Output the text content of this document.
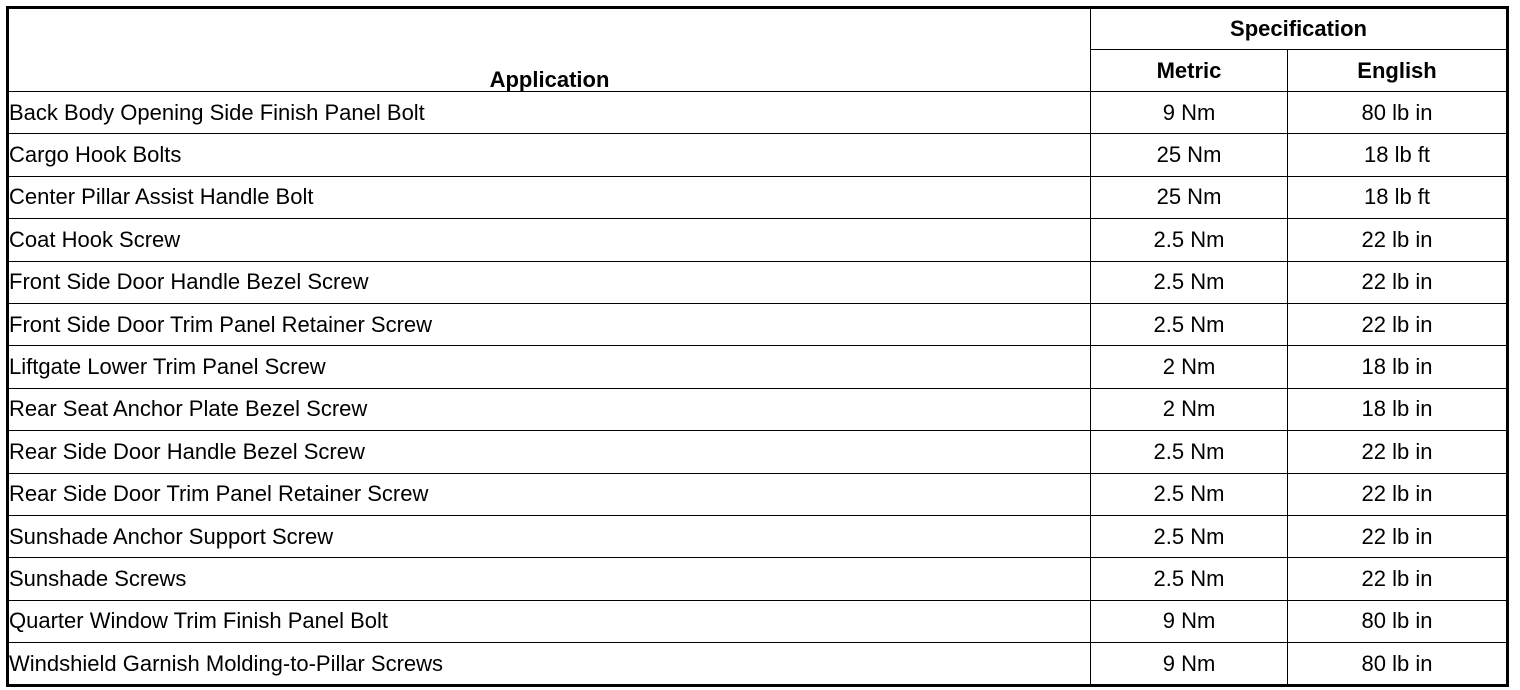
Application	Specification	
	Metric	English
Back Body Opening Side Finish Panel Bolt	9 Nm	80 lb in
Cargo Hook Bolts	25 Nm	18 lb ft
Center Pillar Assist Handle Bolt	25 Nm	18 lb ft
Coat Hook Screw	2.5 Nm	22 lb in
Front Side Door Handle Bezel Screw	2.5 Nm	22 lb in
Front Side Door Trim Panel Retainer Screw	2.5 Nm	22 lb in
Liftgate Lower Trim Panel Screw	2 Nm	18 lb in
Rear Seat Anchor Plate Bezel Screw	2 Nm	18 lb in
Rear Side Door Handle Bezel Screw	2.5 Nm	22 lb in
Rear Side Door Trim Panel Retainer Screw	2.5 Nm	22 lb in
Sunshade Anchor Support Screw	2.5 Nm	22 lb in
Sunshade Screws	2.5 Nm	22 lb in
Quarter Window Trim Finish Panel Bolt	9 Nm	80 lb in
Windshield Garnish Molding-to-Pillar Screws	9 Nm	80 lb in
